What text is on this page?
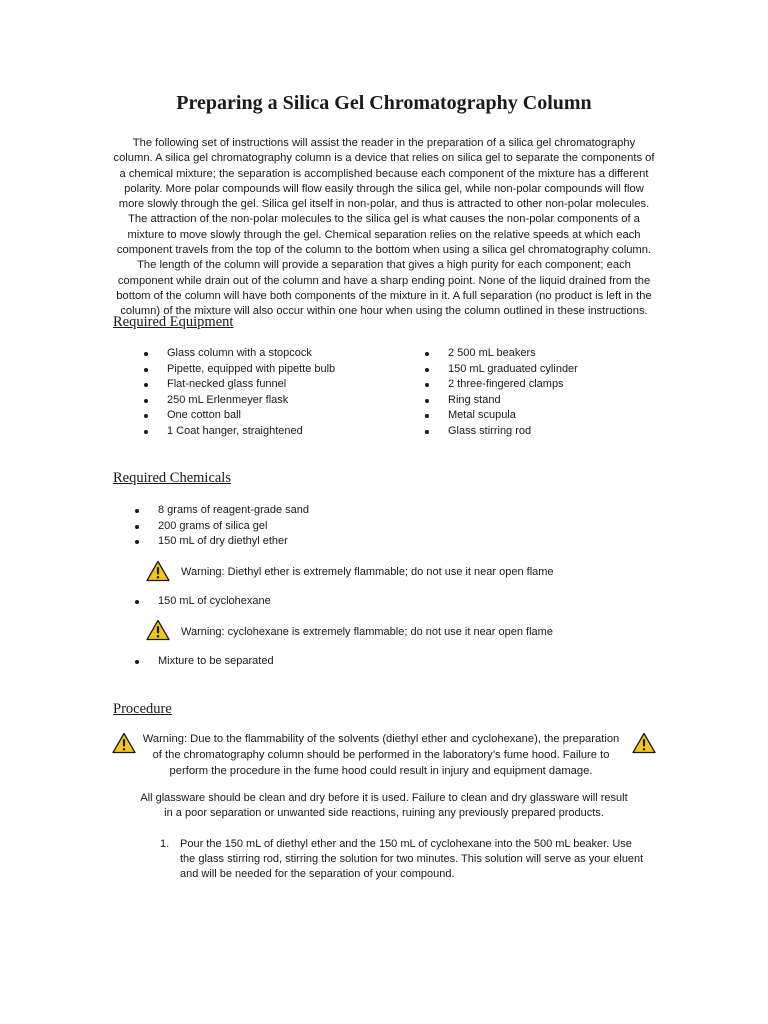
Preparing a Silica Gel Chromatography Column

The following set of instructions will assist the reader in the preparation of a silica gel chromatography column. A silica gel chromatography column is a device that relies on silica gel to separate the components of a chemical mixture; the separation is accomplished because each component of the mixture has a different polarity. More polar compounds will flow easily through the silica gel, while non-polar compounds will flow more slowly through the gel. Silica gel itself in non-polar, and thus is attracted to other non-polar molecules. The attraction of the non-polar molecules to the silica gel is what causes the non-polar components of a mixture to move slowly through the gel. Chemical separation relies on the relative speeds at which each component travels from the top of the column to the bottom when using a silica gel chromatography column. The length of the column will provide a separation that gives a high purity for each component; each component while drain out of the column and have a sharp ending point. None of the liquid drained from the bottom of the column will have both components of the mixture in it. A full separation (no product is left in the column) of the mixture will also occur within one hour when using the column outlined in these instructions.

Required Equipment
Glass column with a stopcock
Pipette, equipped with pipette bulb
Flat-necked glass funnel
250 mL Erlenmeyer flask
One cotton ball
1 Coat hanger, straightened
2 500 mL beakers
150 mL graduated cylinder
2 three-fingered clamps
Ring stand
Metal scupula
Glass stirring rod
Required Chemicals
8 grams of reagent-grade sand
200 grams of silica gel
150 mL of dry diethyl ether
Warning: Diethyl ether is extremely flammable; do not use it near open flame
150 mL of cyclohexane
Warning: cyclohexane is extremely flammable; do not use it near open flame
Mixture to be separated
Procedure

Warning: Due to the flammability of the solvents (diethyl ether and cyclohexane), the preparation of the chromatography column should be performed in the laboratory’s fume hood. Failure to perform the procedure in the fume hood could result in injury and equipment damage.

All glassware should be clean and dry before it is used. Failure to clean and dry glassware will result in a poor separation or unwanted side reactions, ruining any previously prepared products.

1. Pour the 150 mL of diethyl ether and the 150 mL of cyclohexane into the 500 mL beaker. Use the glass stirring rod, stirring the solution for two minutes. This solution will serve as your eluent and will be needed for the separation of your compound.
